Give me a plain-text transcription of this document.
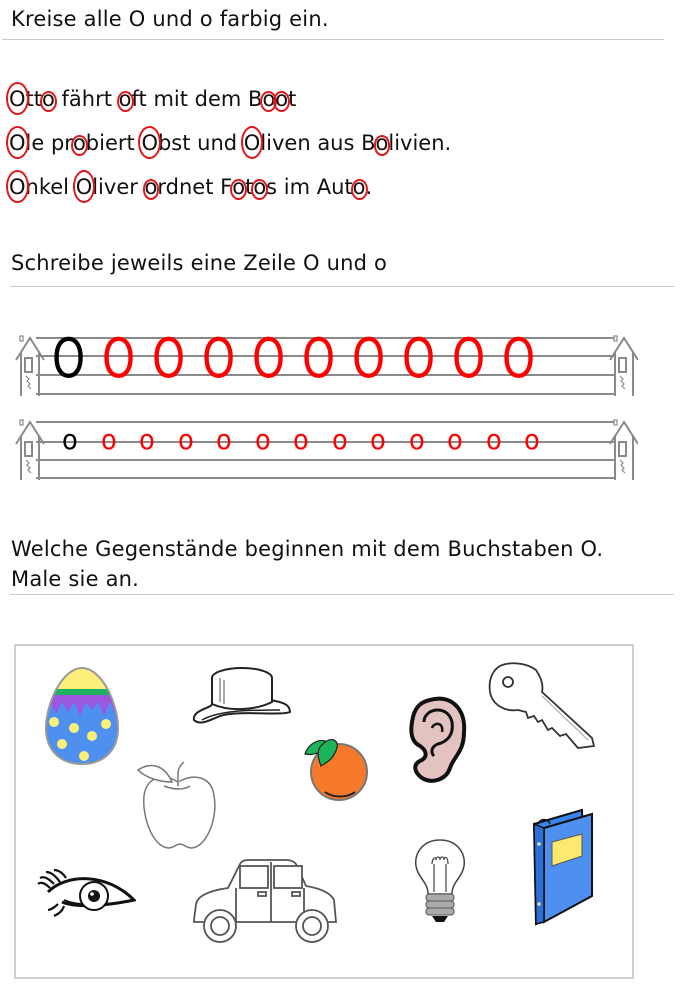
Kreise alle O und o farbig ein.
Otto fährt oft mit dem Boot
Ole probiert Obst und Oliven aus Bolivien.
Onkel Oliver ordnet Fotos im Auto.
Schreibe jeweils eine Zeile O und o
O O O O O O O O O O
o o o o o o o o o o o o o
Welche Gegenstände beginnen mit dem Buchstaben O.
Male sie an.
